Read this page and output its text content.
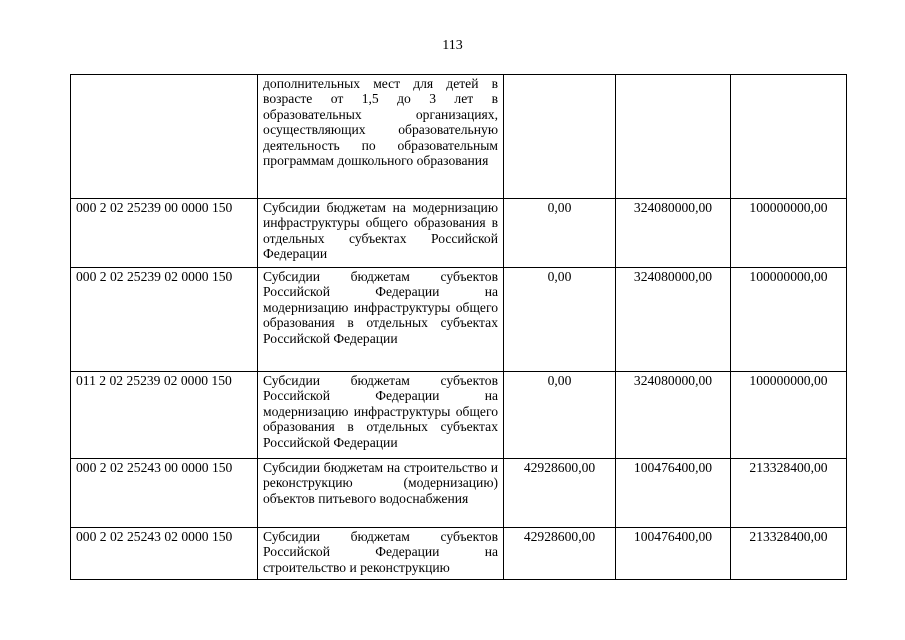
113

	дополнительных мест для детей в возрасте от 1,5 до 3 лет в образовательных организациях, осуществляющих образовательную деятельность по образовательным программам дошкольного образования			

000 2 02 25239 00 0000 150	Субсидии бюджетам на модернизацию инфраструктуры общего образования в отдельных субъектах Российской Федерации	0,00	324080000,00	100000000,00
000 2 02 25239 02 0000 150	Субсидии бюджетам субъектов Российской Федерации на модернизацию инфраструктуры общего образования в отдельных субъектах Российской Федерации	0,00	324080000,00	100000000,00
011 2 02 25239 02 0000 150	Субсидии бюджетам субъектов Российской Федерации на модернизацию инфраструктуры общего образования в отдельных субъектах Российской Федерации	0,00	324080000,00	100000000,00
000 2 02 25243 00 0000 150	Субсидии бюджетам на строительство и реконструкцию (модернизацию) объектов питьевого водоснабжения	42928600,00	100476400,00	213328400,00
000 2 02 25243 02 0000 150	Субсидии бюджетам субъектов Российской Федерации на строительство и реконструкцию	42928600,00	100476400,00	213328400,00
